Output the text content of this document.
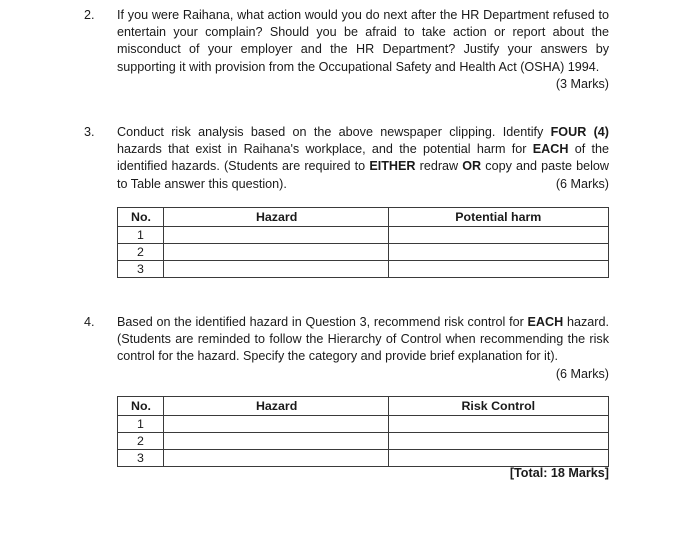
2. If you were Raihana, what action would you do next after the HR Department refused to
entertain your complain? Should you be afraid to take action or report about the
misconduct of your employer and the HR Department? Justify your answers by
supporting it with provision from the Occupational Safety and Health Act (OSHA) 1994.
(3 Marks)
3. Conduct risk analysis based on the above newspaper clipping. Identify FOUR (4)
hazards that exist in Raihana's workplace, and the potential harm for EACH of the
identified hazards. (Students are required to EITHER redraw OR copy and paste below
to Table answer this question).	(6 Marks)
No.	Hazard	Potential harm
1		
2		
3		
4. Based on the identified hazard in Question 3, recommend risk control for EACH hazard.
(Students are reminded to follow the Hierarchy of Control when recommending the risk
control for the hazard. Specify the category and provide brief explanation for it).
(6 Marks)
No.	Hazard	Risk Control
1		
2		
3		
[Total: 18 Marks]
